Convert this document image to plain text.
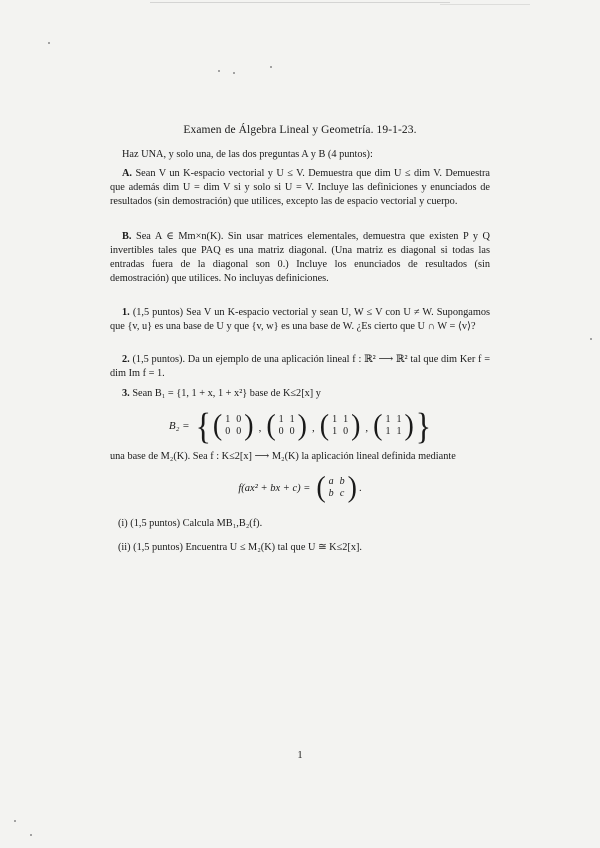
Examen de Álgebra Lineal y Geometría. 19-1-23.
Haz UNA, y solo una, de las dos preguntas A y B (4 puntos):
A. Sean V un K-espacio vectorial y U ≤ V. Demuestra que dim U ≤ dim V. Demuestra que además dim U = dim V si y solo si U = V. Incluye las definiciones y enunciados de resultados (sin demostración) que utilices, excepto las de espacio vectorial y cuerpo.
B. Sea A ∈ Mm×n(K). Sin usar matrices elementales, demuestra que existen P y Q invertibles tales que PAQ es una matriz diagonal. (Una matriz es diagonal si todas las entradas fuera de la diagonal son 0.) Incluye los enunciados de resultados (sin demostración) que utilices. No incluyas definiciones.
1. (1,5 puntos) Sea V un K-espacio vectorial y sean U, W ≤ V con U ≠ W. Supongamos que {v, u} es una base de U y que {v, w} es una base de W. ¿Es cierto que U ∩ W = ⟨v⟩?
2. (1,5 puntos). Da un ejemplo de una aplicación lineal f : ℝ² ⟶ ℝ² tal que dim Ker f = dim Im f = 1.
3. Sean B₁ = {1, 1 + x, 1 + x²} base de K≤2[x] y
B₂ = { ( 1	0
0	0 ) , ( 1	1
0	0 ) , ( 1	1
1	0 ) , ( 1	1
1	1 ) }
una base de M₂(K). Sea f : K≤2[x] ⟶ M₂(K) la aplicación lineal definida mediante
f(ax² + bx + c) = ( a	b
b	c ) .
(i) (1,5 puntos) Calcula MB₁,B₂(f).
(ii) (1,5 puntos) Encuentra U ≤ M₂(K) tal que U ≅ K≤2[x].
1
